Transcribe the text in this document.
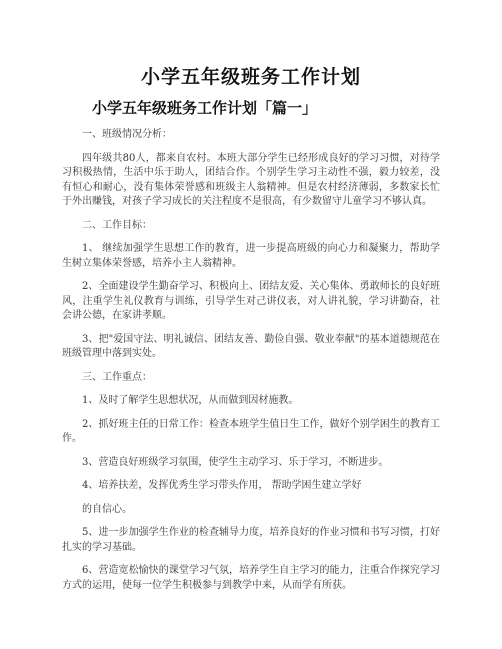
小学五年级班务工作计划
小学五年级班务工作计划「篇一」

一、班级情况分析：

四年级共80人，都来自农村。本班大部分学生已经形成良好的学习习惯，对待学习积极热情，生活中乐于助人，团结合作。个别学生学习主动性不强，毅力较差，没有恒心和耐心，没有集体荣誉感和班级主人翁精神。但是农村经济薄弱，多数家长忙于外出赚钱，对孩子学习成长的关注程度不是很高，有少数留守儿童学习不够认真。

二、工作目标：

1、 继续加强学生思想工作的教育，进一步提高班级的向心力和凝聚力，帮助学生树立集体荣誉感，培养小主人翁精神。

2、全面建设学生勤奋学习、积极向上、团结友爱、关心集体、勇敢师长的良好班风，注重学生礼仪教育与训练，引导学生对己讲仪表，对人讲礼貌，学习讲勤奋，社会讲公德，在家讲孝顺。

3、把"爱国守法、明礼诚信、团结友善、勤俭自强、敬业奉献"的基本道德规范在班级管理中落到实处。

三、工作重点：

1、及时了解学生思想状况，从而做到因材施教。

2、抓好班主任的日常工作：检查本班学生值日生工作，做好个别学困生的教育工作。

3、营造良好班级学习氛围，使学生主动学习、乐于学习，不断进步。

4、培养扶差，发挥优秀生学习带头作用， 帮助学困生建立学好

的自信心。

5、进一步加强学生作业的检查辅导力度，培养良好的作业习惯和书写习惯，打好扎实的学习基础。

6、营造宽松愉快的课堂学习气氛，培养学生自主学习的能力，注重合作探究学习方式的运用，使每一位学生积极参与到教学中来，从而学有所获。
